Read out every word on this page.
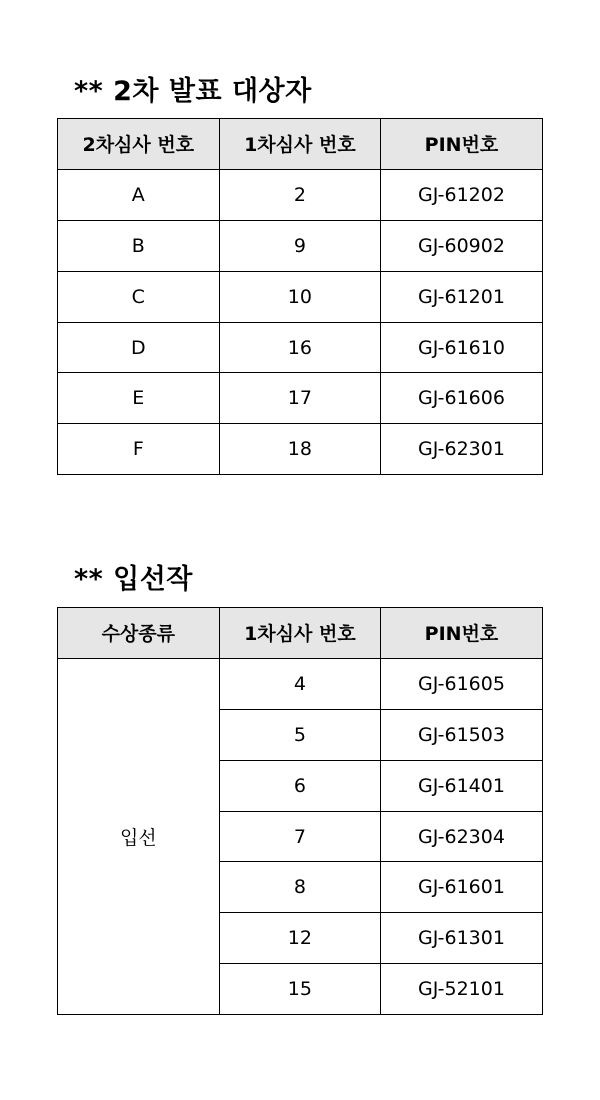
** 2차 발표 대상자
2차심사 번호	1차심사 번호	PIN번호
A	2	GJ-61202
B	9	GJ-60902
C	10	GJ-61201
D	16	GJ-61610
E	17	GJ-61606
F	18	GJ-62301
** 입선작
수상종류	1차심사 번호	PIN번호
입선	4	GJ-61605
	5	GJ-61503
	6	GJ-61401
	7	GJ-62304
	8	GJ-61601
	12	GJ-61301
	15	GJ-52101
